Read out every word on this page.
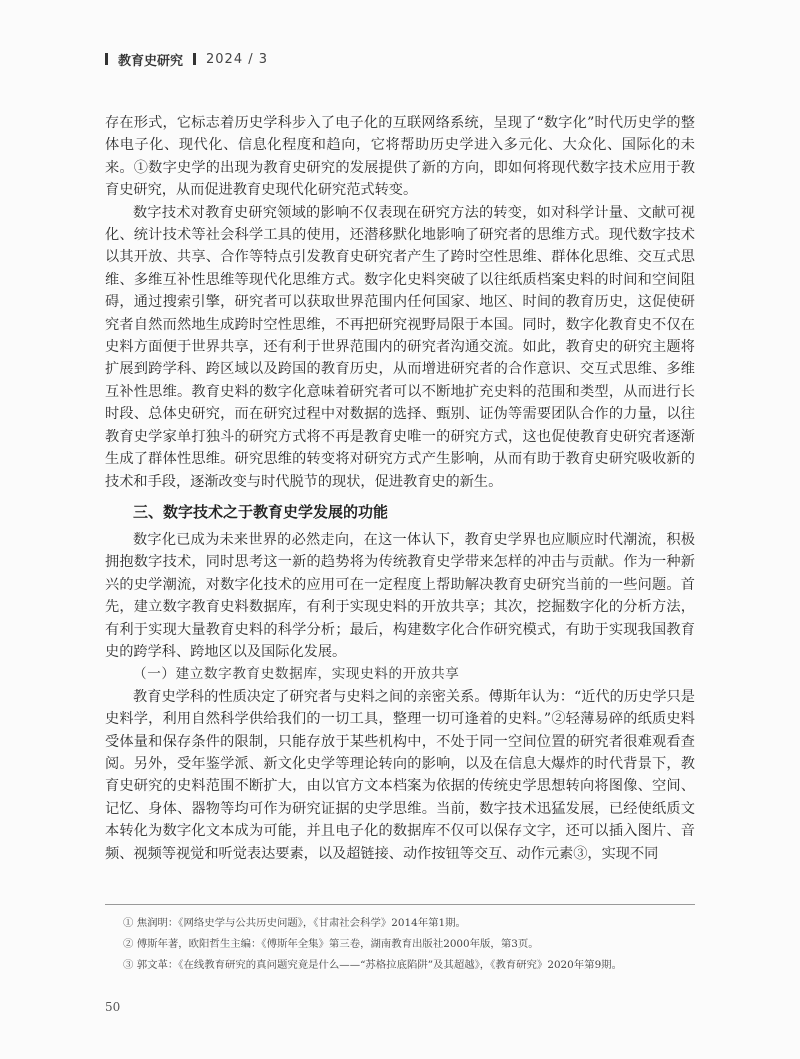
教育史研究 2024 / 3

存在形式，它标志着历史学科步入了电子化的互联网络系统，呈现了“数字化”时代历史学的整体电子化、现代化、信息化程度和趋向，它将帮助历史学进入多元化、大众化、国际化的未来。①数字史学的出现为教育史研究的发展提供了新的方向，即如何将现代数字技术应用于教育史研究，从而促进教育史现代化研究范式转变。

数字技术对教育史研究领域的影响不仅表现在研究方法的转变，如对科学计量、文献可视化、统计技术等社会科学工具的使用，还潜移默化地影响了研究者的思维方式。现代数字技术以其开放、共享、合作等特点引发教育史研究者产生了跨时空性思维、群体化思维、交互式思维、多维互补性思维等现代化思维方式。数字化史料突破了以往纸质档案史料的时间和空间阻碍，通过搜索引擎，研究者可以获取世界范围内任何国家、地区、时间的教育历史，这促使研究者自然而然地生成跨时空性思维，不再把研究视野局限于本国。同时，数字化教育史不仅在史料方面便于世界共享，还有利于世界范围内的研究者沟通交流。如此，教育史的研究主题将扩展到跨学科、跨区域以及跨国的教育历史，从而增进研究者的合作意识、交互式思维、多维互补性思维。教育史料的数字化意味着研究者可以不断地扩充史料的范围和类型，从而进行长时段、总体史研究，而在研究过程中对数据的选择、甄别、证伪等需要团队合作的力量，以往教育史学家单打独斗的研究方式将不再是教育史唯一的研究方式，这也促使教育史研究者逐渐生成了群体性思维。研究思维的转变将对研究方式产生影响，从而有助于教育史研究吸收新的技术和手段，逐渐改变与时代脱节的现状，促进教育史的新生。

三、数字技术之于教育史学发展的功能

数字化已成为未来世界的必然走向，在这一体认下，教育史学界也应顺应时代潮流，积极拥抱数字技术，同时思考这一新的趋势将为传统教育史学带来怎样的冲击与贡献。作为一种新兴的史学潮流，对数字化技术的应用可在一定程度上帮助解决教育史研究当前的一些问题。首先，建立数字教育史料数据库，有利于实现史料的开放共享；其次，挖掘数字化的分析方法，有利于实现大量教育史料的科学分析；最后，构建数字化合作研究模式，有助于实现我国教育史的跨学科、跨地区以及国际化发展。

（一）建立数字教育史数据库，实现史料的开放共享

教育史学科的性质决定了研究者与史料之间的亲密关系。傅斯年认为：“近代的历史学只是史料学，利用自然科学供给我们的一切工具，整理一切可逢着的史料。”②轻薄易碎的纸质史料受体量和保存条件的限制，只能存放于某些机构中，不处于同一空间位置的研究者很难观看查阅。另外，受年鉴学派、新文化史学等理论转向的影响，以及在信息大爆炸的时代背景下，教育史研究的史料范围不断扩大，由以官方文本档案为依据的传统史学思想转向将图像、空间、记忆、身体、器物等均可作为研究证据的史学思维。当前，数字技术迅猛发展，已经使纸质文本转化为数字化文本成为可能，并且电子化的数据库不仅可以保存文字，还可以插入图片、音频、视频等视觉和听觉表达要素，以及超链接、动作按钮等交互、动作元素③，实现不同

① 焦润明：《网络史学与公共历史问题》，《甘肃社会科学》2014年第1期。
② 傅斯年著，欧阳哲生主编：《傅斯年全集》第三卷，湖南教育出版社2000年版，第3页。
③ 郭文革：《在线教育研究的真问题究竟是什么——“苏格拉底陷阱”及其超越》，《教育研究》2020年第9期。
50
